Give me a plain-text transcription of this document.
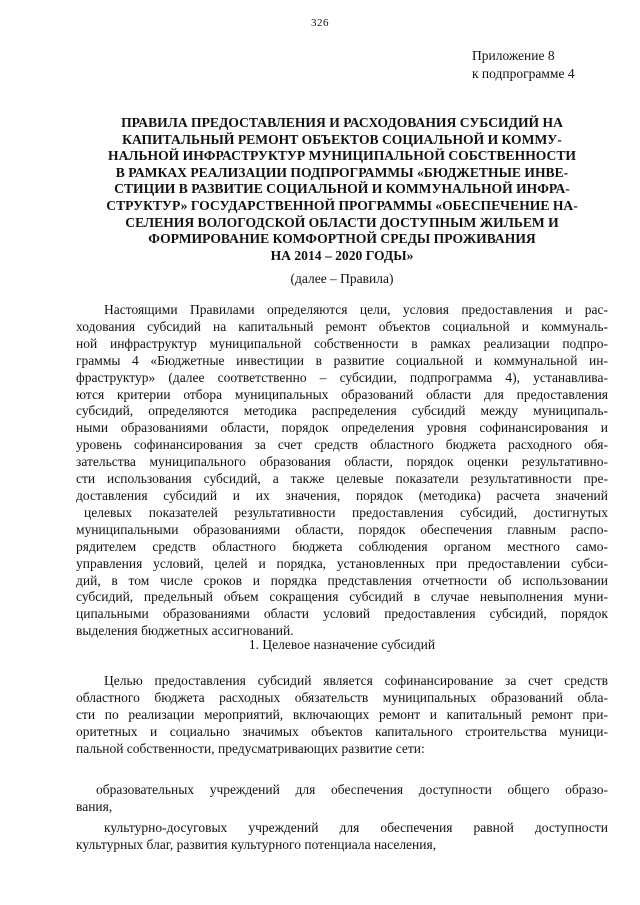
326
Приложение 8
к подпрограмме 4
ПРАВИЛА ПРЕДОСТАВЛЕНИЯ И РАСХОДОВАНИЯ СУБСИДИЙ НА
КАПИТАЛЬНЫЙ РЕМОНТ ОБЪЕКТОВ СОЦИАЛЬНОЙ И КОММУ-
НАЛЬНОЙ ИНФРАСТРУКТУР МУНИЦИПАЛЬНОЙ СОБСТВЕННОСТИ
В РАМКАХ РЕАЛИЗАЦИИ ПОДПРОГРАММЫ «БЮДЖЕТНЫЕ ИНВЕ-
СТИЦИИ В РАЗВИТИЕ СОЦИАЛЬНОЙ И КОММУНАЛЬНОЙ ИНФРА-
СТРУКТУР» ГОСУДАРСТВЕННОЙ ПРОГРАММЫ «ОБЕСПЕЧЕНИЕ НА-
СЕЛЕНИЯ ВОЛОГОДСКОЙ ОБЛАСТИ ДОСТУПНЫМ ЖИЛЬЕМ И
ФОРМИРОВАНИЕ КОМФОРТНОЙ СРЕДЫ ПРОЖИВАНИЯ
НА 2014 – 2020 ГОДЫ»
(далее – Правила)
Настоящими Правилами определяются цели, условия предоставления и рас-
ходования субсидий на капитальный ремонт объектов социальной и коммуналь-
ной инфраструктур муниципальной собственности в рамках реализации подпро-
граммы 4 «Бюджетные инвестиции в развитие социальной и коммунальной ин-
фраструктур» (далее соответственно – субсидии, подпрограмма 4), устанавлива-
ются критерии отбора муниципальных образований области для предоставления
субсидий, определяются методика распределения субсидий между муниципаль-
ными образованиями области, порядок определения уровня софинансирования и
уровень софинансирования за счет средств областного бюджета расходного обя-
зательства муниципального образования области, порядок оценки результативно-
сти использования субсидий, а также целевые показатели результативности пре-
доставления субсидий и их значения, порядок (методика) расчета значений
целевых показателей результативности предоставления субсидий, достигнутых
муниципальными образованиями области, порядок обеспечения главным распо-
рядителем средств областного бюджета соблюдения органом местного само-
управления условий, целей и порядка, установленных при предоставлении субси-
дий, в том числе сроков и порядка представления отчетности об использовании
субсидий, предельный объем сокращения субсидий в случае невыполнения муни-
ципальными образованиями области условий предоставления субсидий, порядок
выделения бюджетных ассигнований.
1. Целевое назначение субсидий
Целью предоставления субсидий является софинансирование за счет средств
областного бюджета расходных обязательств муниципальных образований обла-
сти по реализации мероприятий, включающих ремонт и капитальный ремонт при-
оритетных и социально значимых объектов капитального строительства муници-
пальной собственности, предусматривающих развитие сети:
образовательных учреждений для обеспечения доступности общего образо-
вания,
культурно-досуговых учреждений для обеспечения равной доступности
культурных благ, развития культурного потенциала населения,
